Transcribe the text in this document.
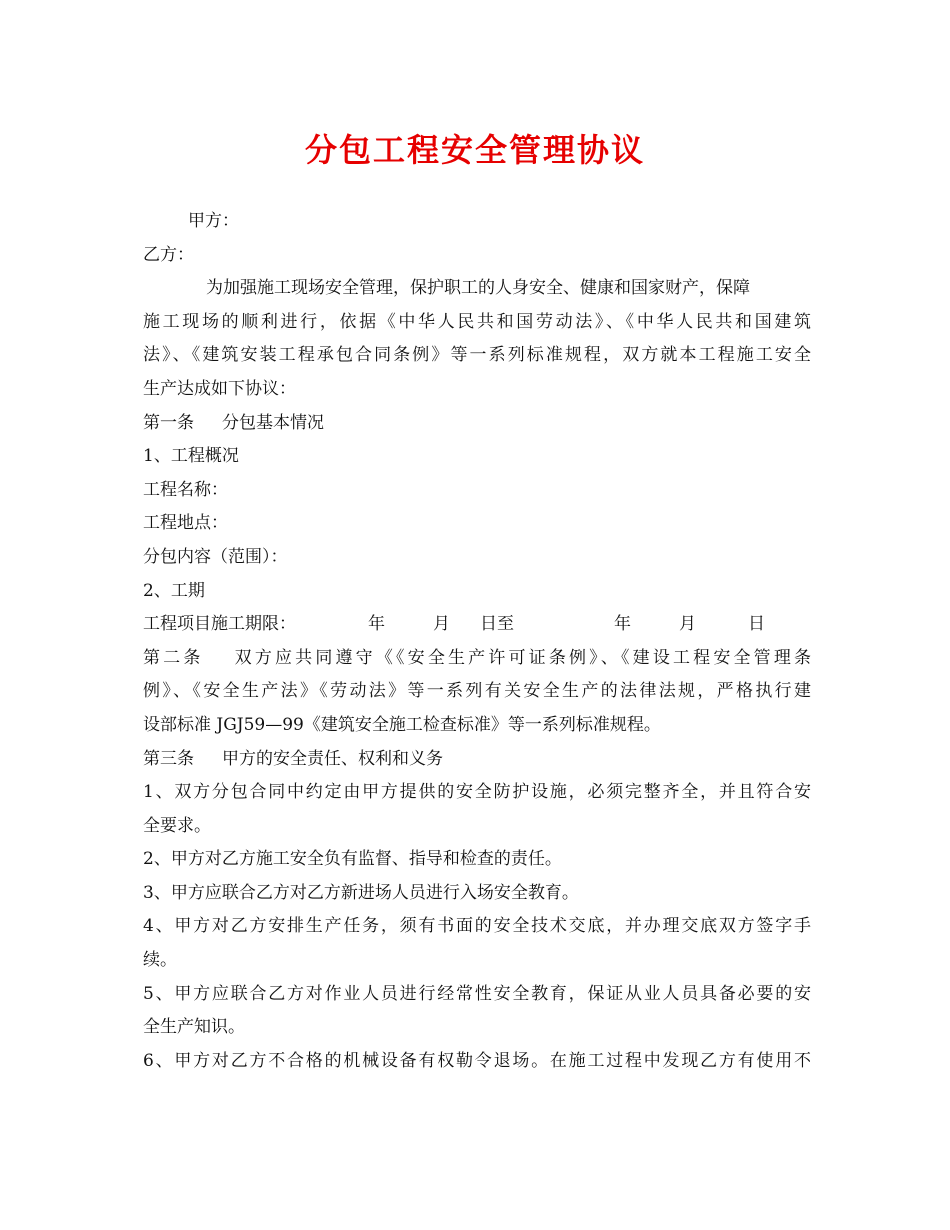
分包工程安全管理协议
甲方：
乙方：
为加强施工现场安全管理，保护职工的人身安全、健康和国家财产，保障
施工现场的顺利进行，依据《中华人民共和国劳动法》、《中华人民共和国建筑
法》、《建筑安装工程承包合同条例》等一系列标准规程，双方就本工程施工安全
生产达成如下协议：
第一条 分包基本情况
1、工程概况
工程名称：
工程地点：
分包内容（范围）：
2、工期
工程项目施工期限：	年	月 日至	年	月	日
第二条 双方应共同遵守《《安全生产许可证条例》、《建设工程安全管理条
例》、《安全生产法》《劳动法》等一系列有关安全生产的法律法规，严格执行建
设部标准 JGJ59—99《建筑安全施工检查标准》等一系列标准规程。
第三条 甲方的安全责任、权利和义务
1、双方分包合同中约定由甲方提供的安全防护设施，必须完整齐全，并且符合安
全要求。
2、甲方对乙方施工安全负有监督、指导和检查的责任。
3、甲方应联合乙方对乙方新进场人员进行入场安全教育。
4、甲方对乙方安排生产任务，须有书面的安全技术交底，并办理交底双方签字手
续。
5、甲方应联合乙方对作业人员进行经常性安全教育，保证从业人员具备必要的安
全生产知识。
6、甲方对乙方不合格的机械设备有权勒令退场。在施工过程中发现乙方有使用不
